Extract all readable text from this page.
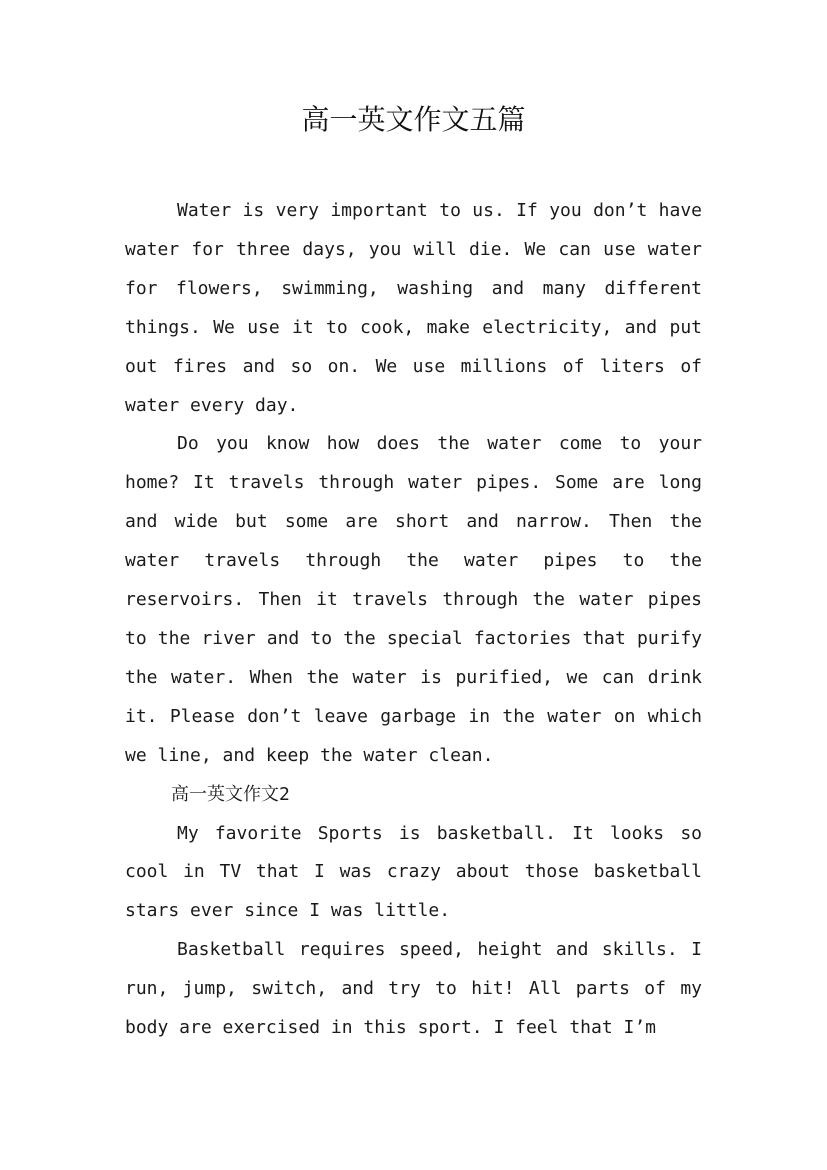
高一英文作文五篇

Water is very important to us. If you don’t have water for three days, you will die. We can use water for flowers, swimming, washing and many different things. We use it to cook, make electricity, and put out fires and so on. We use millions of liters of water every day.

Do you know how does the water come to your home? It travels through water pipes. Some are long and wide but some are short and narrow. Then the water travels through the water pipes to the reservoirs. Then it travels through the water pipes to the river and to the special factories that purify the water. When the water is purified, we can drink it. Please don’t leave garbage in the water on which we line, and keep the water clean.

高一英文作文2

My favorite Sports is basketball. It looks so cool in TV that I was crazy about those basketball stars ever since I was little.

Basketball requires speed, height and skills. I run, jump, switch, and try to hit! All parts of my body are exercised in this sport. I feel that I’m
